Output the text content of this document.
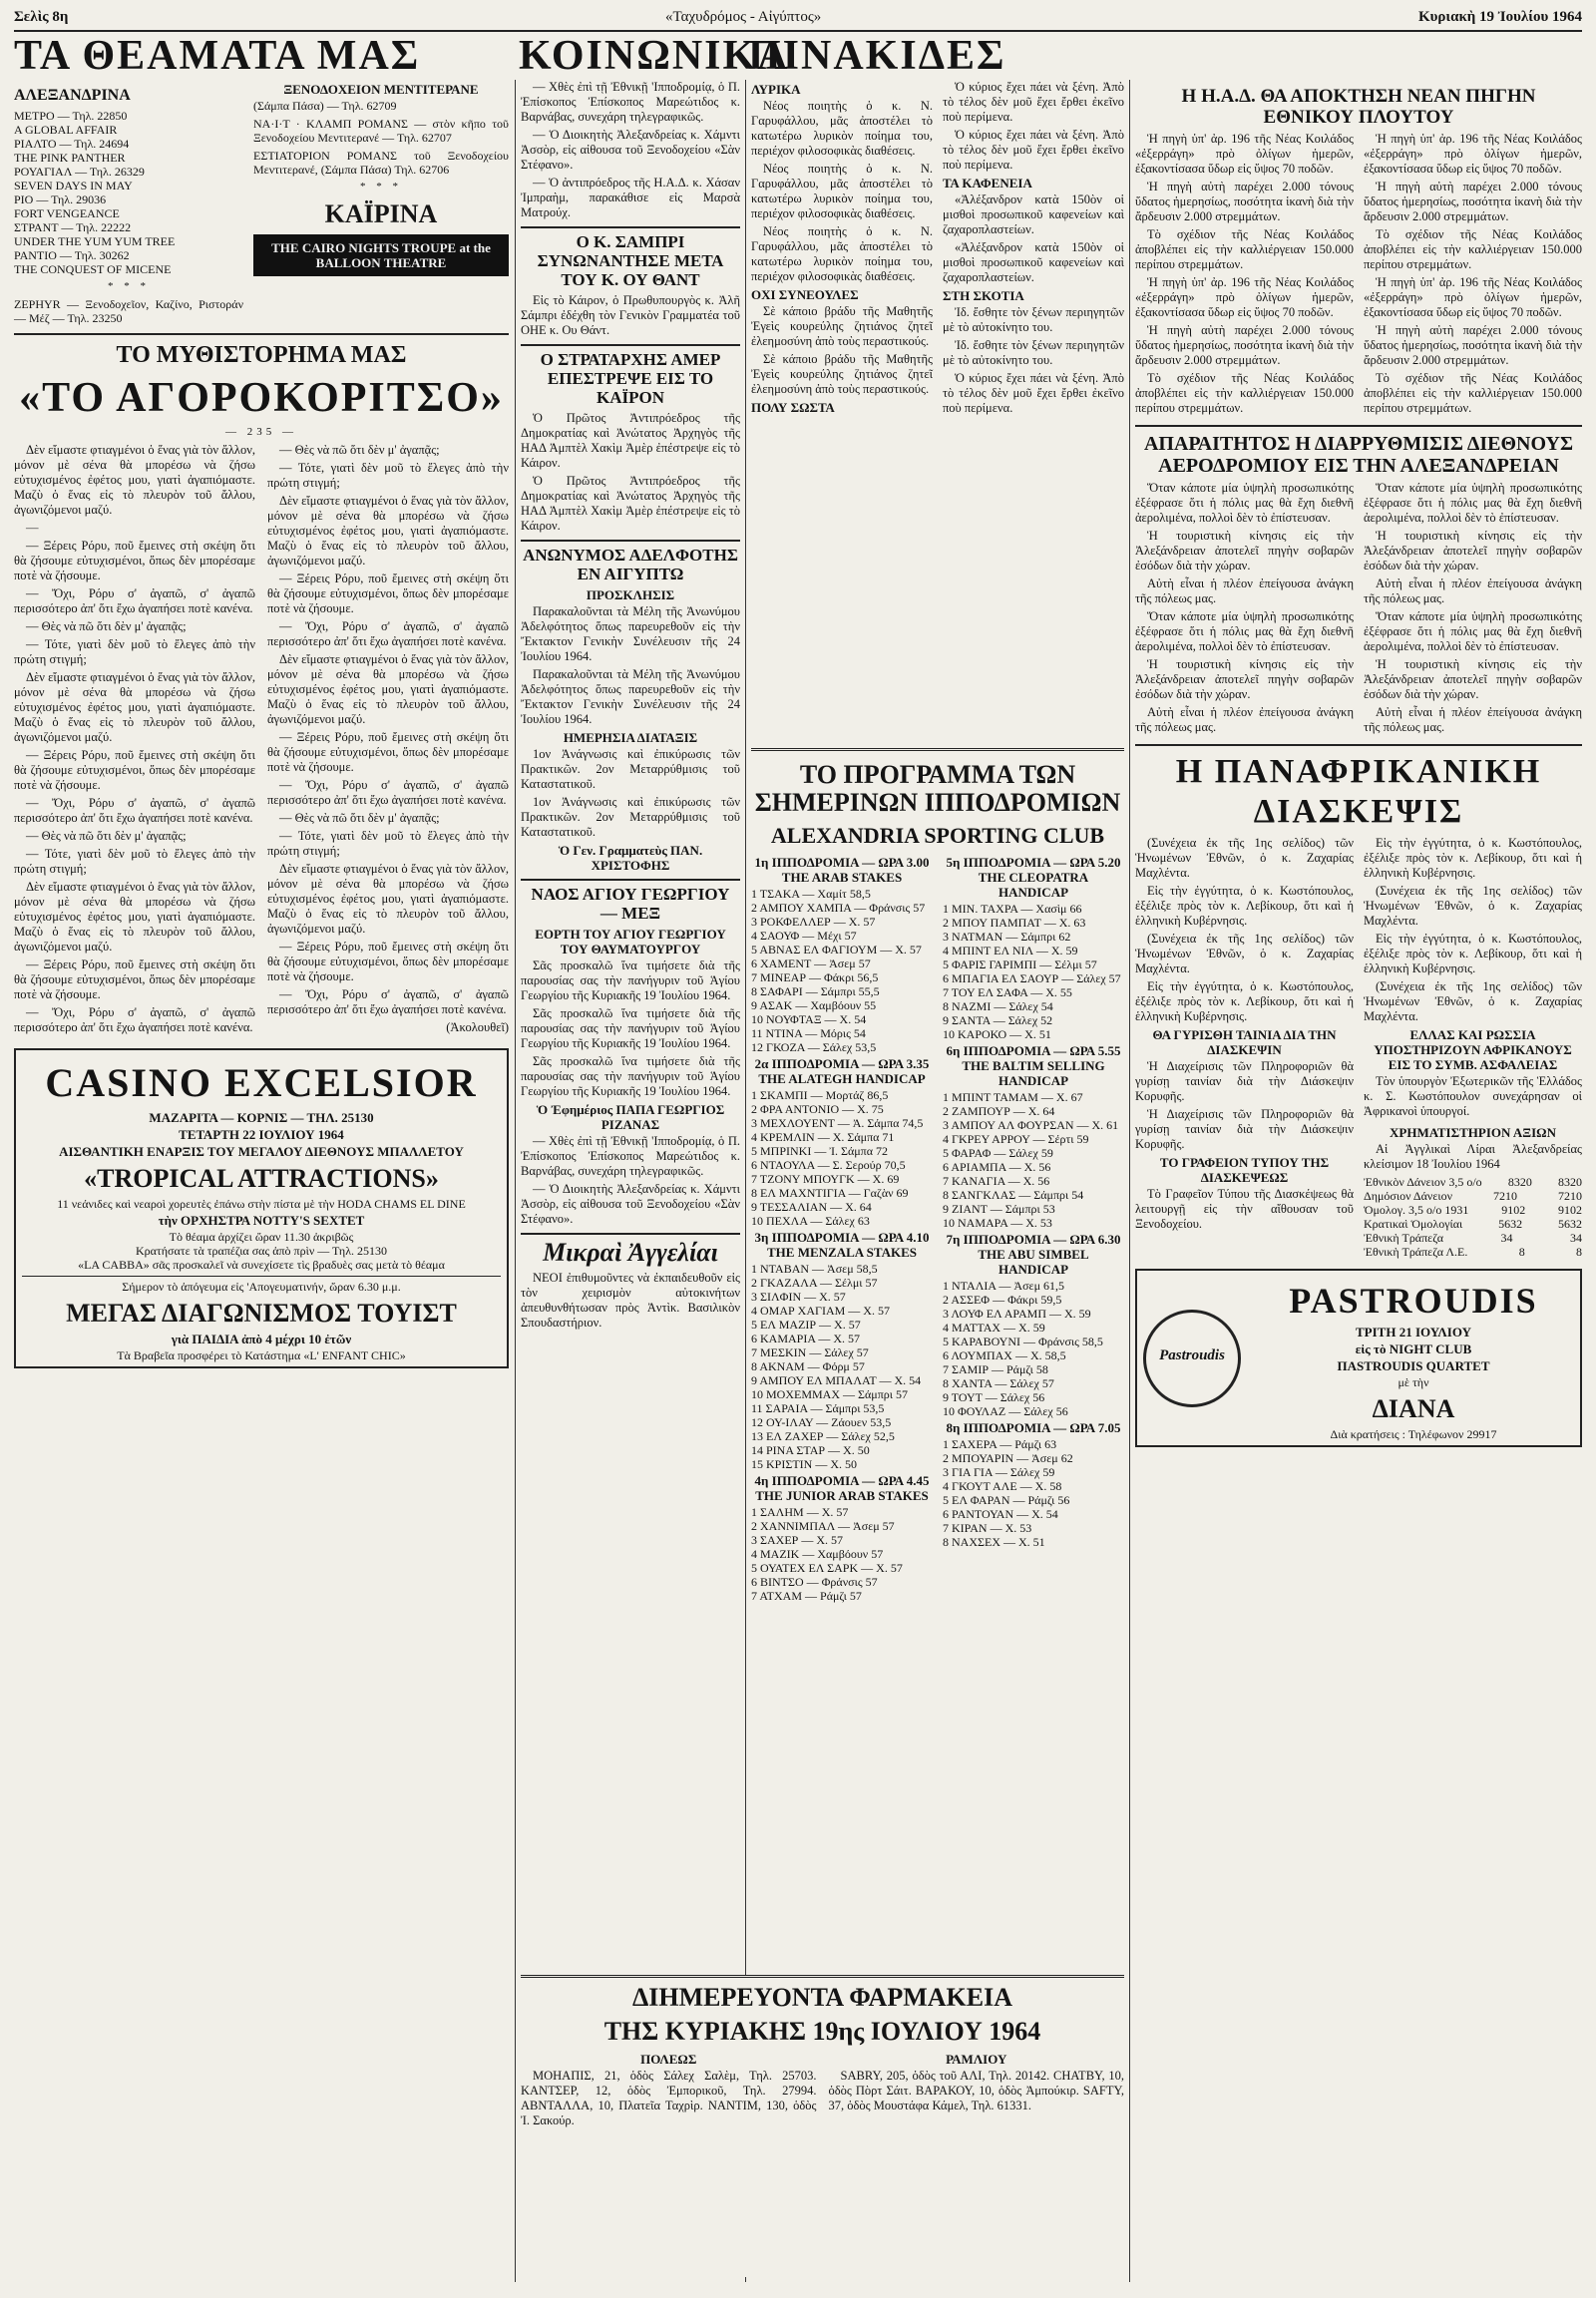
Σελὶς 8η	«Ταχυδρόμος - Αἰγύπτος»	Κυριακὴ 19 Ἰουλίου 1964
ΤΑ ΘΕΑΜΑΤΑ ΜΑΣ	ΚΟΙΝΩΝΙΚΑ
ΠΙΝΑΚΙΔΕΣ
ΑΛΕΞΑΝΔΡΙΝΑ
ΜΕΤΡΟ — Τηλ. 22850
A GLOBAL AFFAIR
ΡΙΑΛΤΟ — Τηλ. 24694
THE PINK PANTHER
ΡΟΥΑΓΙΑΛ — Τηλ. 26329
SEVEN DAYS IN MAY
ΡΙΟ — Τηλ. 29036
FORT VENGEANCE
ΣΤΡΑΝΤ — Τηλ. 22222
UNDER THE YUM YUM TREE
ΡΑΝΤΙΟ — Τηλ. 30262
THE CONQUEST OF MICENE
* * *
ZEPHYR — Ξενοδοχεῖον, Καζίνο, Ριστοράν — Μέζ — Τηλ. 23250
ΞΕΝΟΔΟΧΕΙΟΝ ΜΕΝΤΙΤΕΡΑΝΕ
(Σάμπα Πάσα) — Τηλ. 62709
ΝΑ·Ι·Τ · ΚΛΑΜΠ ΡΟΜΑΝΣ — στὸν κῆπο τοῦ Ξενοδοχείου Μεντιτερανέ — Τηλ. 62707
ΕΣΤΙΑΤΟΡΙΟΝ ΡΟΜΑΝΣ τοῦ Ξενοδοχείου Μεντιτερανέ, (Σάμπα Πάσα) Τηλ. 62706
* * *
ΚΑΪΡΙΝΑ
THE CAIRO NIGHTS TROUPE at the BALLOON THEATRE
ΤΟ ΜΥΘΙΣΤΟΡΗΜΑ ΜΑΣ
«ΤΟ ΑΓΟΡΟΚΟΡΙΤΣΟ»
— 235 —

Δὲν εἴμαστε φτιαγμένοι ὁ ἕνας γιὰ τὸν ἄλλον, μόνον μὲ σένα θὰ μπορέσω νὰ ζήσω εὐτυχισμένος ἐφέτος μου, γιατὶ ἀγαπιόμαστε. Μαζὺ ὁ ἕνας εἰς τὸ πλευρὸν τοῦ ἄλλου, ἀγωνιζόμενοι μαζύ.

—

— Ξέρεις Ρόρυ, ποῦ ἔμεινες στὴ σκέψη ὅτι θὰ ζήσουμε εὐτυχισμένοι, ὅπως δὲν μπορέσαμε ποτὲ νὰ ζήσουμε.

— Ὄχι, Ρόρυ σ' ἀγαπῶ, σ' ἀγαπῶ περισσότερο ἀπ' ὅτι ἔχω ἀγαπήσει ποτὲ κανένα.

— Θὲς νὰ πῶ ὅτι δὲν μ' ἀγαπᾷς;

— Τότε, γιατὶ δὲν μοῦ τὸ ἔλεγες ἀπὸ τὴν πρώτη στιγμή;

Δὲν εἴμαστε φτιαγμένοι ὁ ἕνας γιὰ τὸν ἄλλον, μόνον μὲ σένα θὰ μπορέσω νὰ ζήσω εὐτυχισμένος ἐφέτος μου, γιατὶ ἀγαπιόμαστε. Μαζὺ ὁ ἕνας εἰς τὸ πλευρὸν τοῦ ἄλλου, ἀγωνιζόμενοι μαζύ.

— Ξέρεις Ρόρυ, ποῦ ἔμεινες στὴ σκέψη ὅτι θὰ ζήσουμε εὐτυχισμένοι, ὅπως δὲν μπορέσαμε ποτὲ νὰ ζήσουμε.

— Ὄχι, Ρόρυ σ' ἀγαπῶ, σ' ἀγαπῶ περισσότερο ἀπ' ὅτι ἔχω ἀγαπήσει ποτὲ κανένα.

— Θὲς νὰ πῶ ὅτι δὲν μ' ἀγαπᾷς;

— Τότε, γιατὶ δὲν μοῦ τὸ ἔλεγες ἀπὸ τὴν πρώτη στιγμή;

Δὲν εἴμαστε φτιαγμένοι ὁ ἕνας γιὰ τὸν ἄλλον, μόνον μὲ σένα θὰ μπορέσω νὰ ζήσω εὐτυχισμένος ἐφέτος μου, γιατὶ ἀγαπιόμαστε. Μαζὺ ὁ ἕνας εἰς τὸ πλευρὸν τοῦ ἄλλου, ἀγωνιζόμενοι μαζύ.

— Ξέρεις Ρόρυ, ποῦ ἔμεινες στὴ σκέψη ὅτι θὰ ζήσουμε εὐτυχισμένοι, ὅπως δὲν μπορέσαμε ποτὲ νὰ ζήσουμε.

— Ὄχι, Ρόρυ σ' ἀγαπῶ, σ' ἀγαπῶ περισσότερο ἀπ' ὅτι ἔχω ἀγαπήσει ποτὲ κανένα.

— Θὲς νὰ πῶ ὅτι δὲν μ' ἀγαπᾷς;

— Τότε, γιατὶ δὲν μοῦ τὸ ἔλεγες ἀπὸ τὴν πρώτη στιγμή;

Δὲν εἴμαστε φτιαγμένοι ὁ ἕνας γιὰ τὸν ἄλλον, μόνον μὲ σένα θὰ μπορέσω νὰ ζήσω εὐτυχισμένος ἐφέτος μου, γιατὶ ἀγαπιόμαστε. Μαζὺ ὁ ἕνας εἰς τὸ πλευρὸν τοῦ ἄλλου, ἀγωνιζόμενοι μαζύ.

— Ξέρεις Ρόρυ, ποῦ ἔμεινες στὴ σκέψη ὅτι θὰ ζήσουμε εὐτυχισμένοι, ὅπως δὲν μπορέσαμε ποτὲ νὰ ζήσουμε.

— Ὄχι, Ρόρυ σ' ἀγαπῶ, σ' ἀγαπῶ περισσότερο ἀπ' ὅτι ἔχω ἀγαπήσει ποτὲ κανένα.

Δὲν εἴμαστε φτιαγμένοι ὁ ἕνας γιὰ τὸν ἄλλον, μόνον μὲ σένα θὰ μπορέσω νὰ ζήσω εὐτυχισμένος ἐφέτος μου, γιατὶ ἀγαπιόμαστε. Μαζὺ ὁ ἕνας εἰς τὸ πλευρὸν τοῦ ἄλλου, ἀγωνιζόμενοι μαζύ.

— Ξέρεις Ρόρυ, ποῦ ἔμεινες στὴ σκέψη ὅτι θὰ ζήσουμε εὐτυχισμένοι, ὅπως δὲν μπορέσαμε ποτὲ νὰ ζήσουμε.

— Ὄχι, Ρόρυ σ' ἀγαπῶ, σ' ἀγαπῶ περισσότερο ἀπ' ὅτι ἔχω ἀγαπήσει ποτὲ κανένα.

— Θὲς νὰ πῶ ὅτι δὲν μ' ἀγαπᾷς;

— Τότε, γιατὶ δὲν μοῦ τὸ ἔλεγες ἀπὸ τὴν πρώτη στιγμή;

Δὲν εἴμαστε φτιαγμένοι ὁ ἕνας γιὰ τὸν ἄλλον, μόνον μὲ σένα θὰ μπορέσω νὰ ζήσω εὐτυχισμένος ἐφέτος μου, γιατὶ ἀγαπιόμαστε. Μαζὺ ὁ ἕνας εἰς τὸ πλευρὸν τοῦ ἄλλου, ἀγωνιζόμενοι μαζύ.

— Ξέρεις Ρόρυ, ποῦ ἔμεινες στὴ σκέψη ὅτι θὰ ζήσουμε εὐτυχισμένοι, ὅπως δὲν μπορέσαμε ποτὲ νὰ ζήσουμε.

— Ὄχι, Ρόρυ σ' ἀγαπῶ, σ' ἀγαπῶ περισσότερο ἀπ' ὅτι ἔχω ἀγαπήσει ποτὲ κανένα.

(Ἀκολουθεῖ)

CASINO EXCELSIOR
ΜΑΖΑΡΙΤΑ — ΚΟΡΝΙΣ — ΤΗΛ. 25130
ΤΕΤΑΡΤΗ 22 ΙΟΥΛΙΟΥ 1964
ΑΙΣΘΑΝΤΙΚΗ ΕΝΑΡΞΙΣ ΤΟΥ ΜΕΓΑΛΟΥ ΔΙΕΘΝΟΥΣ ΜΠΑΛΛΕΤΟΥ
«TROPICAL ATTRACTIONS»
11 νεάνιδες καὶ νεαροὶ χορευτὲς ἐπάνω στὴν πίστα μὲ τὴν HODA CHAMS EL DINE
τὴν ΟΡΧΗΣΤΡΑ NOTTY'S SEXTET
Τὸ θέαμα ἀρχίζει ὥραν 11.30 ἀκριβῶς
Κρατήσατε τὰ τραπέζια σας ἀπὸ πρὶν — Τηλ. 25130
«LA CABBA» σᾶς προσκαλεῖ νὰ συνεχίσετε τὶς βραδυὲς σας μετὰ τὸ θέαμα
Σήμερον τὸ ἀπόγευμα εἰς 'Απογευματινήν, ὥραν 6.30 μ.μ.
ΜΕΓΑΣ ΔΙΑΓΩΝΙΣΜΟΣ ΤΟΥΙΣΤ
γιὰ ΠΑΙΔΙΑ ἀπὸ 4 μέχρι 10 ἐτῶν
Τὰ Βραβεῖα προσφέρει τὸ Κατάστημα «L' ENFANT CHIC»

— Χθὲς ἐπὶ τῇ Ἐθνικῇ 'Ιπποδρομίᾳ, ὁ Π. Ἐπίσκοπος Ἐπίσκοπος Μαρεώτιδος κ. Βαρνάβας, συνεχάρη τηλεγραφικῶς.

— Ὁ Διοικητὴς Ἀλεξανδρείας κ. Χάμντι Ἀσσὸρ, εἰς αἰθουσα τοῦ Ξενοδοχείου «Σὰν Στέφανο».

— Ὁ ἀντιπρόεδρος τῆς Η.Α.Δ. κ. Χάσαν Ἰμπραὴμ, παρακάθισε εἰς Μαρσὰ Ματρούχ.

Ο Κ. ΣΑΜΠΡΙ ΣΥΝΩΝΑΝΤΗΣΕ ΜΕΤΑ ΤΟΥ Κ. ΟΥ ΘΑΝΤ

Εἰς τὸ Κάιρον, ὁ Πρωθυπουργὸς κ. Ἀλῆ Σάμπρι ἐδέχθη τὸν Γενικὸν Γραμματέα τοῦ ΟΗΕ κ. Ου Θάντ.

Ο ΣΤΡΑΤΑΡΧΗΣ ΑΜΕΡ ΕΠΕΣΤΡΕΨΕ ΕΙΣ ΤΟ ΚΑΪΡΟΝ

Ὁ Πρῶτος Ἀντιπρόεδρος τῆς Δημοκρατίας καὶ Ἀνώτατος Ἀρχηγὸς τῆς ΗΑΔ Ἀμπτὲλ Χακὶμ Ἀμὲρ ἐπέστρεψε εἰς τὸ Κάιρον.

Ὁ Πρῶτος Ἀντιπρόεδρος τῆς Δημοκρατίας καὶ Ἀνώτατος Ἀρχηγὸς τῆς ΗΑΔ Ἀμπτὲλ Χακὶμ Ἀμὲρ ἐπέστρεψε εἰς τὸ Κάιρον.

ΑΝΩΝΥΜΟΣ ΑΔΕΛΦΟΤΗΣ ΕΝ ΑΙΓΥΠΤΩ
ΠΡΟΣΚΛΗΣΙΣ

Παρακαλοῦνται τὰ Μέλη τῆς Ἀνωνύμου Ἀδελφότητος ὅπως παρευρεθοῦν εἰς τὴν Ἔκτακτον Γενικὴν Συνέλευσιν τῆς 24 Ἰουλίου 1964.

Παρακαλοῦνται τὰ Μέλη τῆς Ἀνωνύμου Ἀδελφότητος ὅπως παρευρεθοῦν εἰς τὴν Ἔκτακτον Γενικὴν Συνέλευσιν τῆς 24 Ἰουλίου 1964.

ΗΜΕΡΗΣΙΑ ΔΙΑΤΑΞΙΣ

1ον Ἀνάγνωσις καὶ ἐπικύρωσις τῶν Πρακτικῶν. 2ον Μεταρρύθμισις τοῦ Καταστατικοῦ.

1ον Ἀνάγνωσις καὶ ἐπικύρωσις τῶν Πρακτικῶν. 2ον Μεταρρύθμισις τοῦ Καταστατικοῦ.

Ὁ Γεν. Γραμματεὺς ΠΑΝ. ΧΡΙΣΤΟΦΗΣ
ΝΑΟΣ ΑΓΙΟΥ ΓΕΩΡΓΙΟΥ — ΜΕΞ
ΕΟΡΤΗ ΤΟΥ ΑΓΙΟΥ ΓΕΩΡΓΙΟΥ ΤΟΥ ΘΑΥΜΑΤΟΥΡΓΟΥ

Σᾶς προσκαλῶ ἵνα τιμήσετε διὰ τῆς παρουσίας σας τὴν πανήγυριν τοῦ Ἁγίου Γεωργίου τῆς Κυριακῆς 19 Ἰουλίου 1964.

Σᾶς προσκαλῶ ἵνα τιμήσετε διὰ τῆς παρουσίας σας τὴν πανήγυριν τοῦ Ἁγίου Γεωργίου τῆς Κυριακῆς 19 Ἰουλίου 1964.

Σᾶς προσκαλῶ ἵνα τιμήσετε διὰ τῆς παρουσίας σας τὴν πανήγυριν τοῦ Ἁγίου Γεωργίου τῆς Κυριακῆς 19 Ἰουλίου 1964.

Ὁ Ἐφημέριος ΠΑΠΑ ΓΕΩΡΓΙΟΣ ΡΙΖΑΝΑΣ

— Χθὲς ἐπὶ τῇ Ἐθνικῇ 'Ιπποδρομίᾳ, ὁ Π. Ἐπίσκοπος Ἐπίσκοπος Μαρεώτιδος κ. Βαρνάβας, συνεχάρη τηλεγραφικῶς.

— Ὁ Διοικητὴς Ἀλεξανδρείας κ. Χάμντι Ἀσσὸρ, εἰς αἰθουσα τοῦ Ξενοδοχείου «Σὰν Στέφανο».

Μικραὶ Ἀγγελίαι

ΝΕΟΙ ἐπιθυμοῦντες νὰ ἐκπαιδευθοῦν εἰς τὸν χειρισμὸν αὐτοκινήτων ἀπευθυνθήτωσαν πρὸς Ἀντὶκ. Βασιλικὸν Σπουδαστήριον.

ΛΥΡΙΚΑ

Νέος ποιητὴς ὁ κ. Ν. Γαρυφάλλου, μᾶς ἀποστέλει τὸ κατωτέρω λυρικὸν ποίημα του, περιέχον φιλοσοφικὰς διαθέσεις.

Νέος ποιητὴς ὁ κ. Ν. Γαρυφάλλου, μᾶς ἀποστέλει τὸ κατωτέρω λυρικὸν ποίημα του, περιέχον φιλοσοφικὰς διαθέσεις.

Νέος ποιητὴς ὁ κ. Ν. Γαρυφάλλου, μᾶς ἀποστέλει τὸ κατωτέρω λυρικὸν ποίημα του, περιέχον φιλοσοφικὰς διαθέσεις.

ΟΧΙ ΣΥΝΕΟΥΛΕΣ

Σὲ κάποιο βράδυ τῆς Μαθητῆς Ἐγεὶς κουρεύλης ζητιάνος ζητεῖ ἐλεημοσύνη ἀπὸ τοὺς περαστικούς.

Σὲ κάποιο βράδυ τῆς Μαθητῆς Ἐγεὶς κουρεύλης ζητιάνος ζητεῖ ἐλεημοσύνη ἀπὸ τοὺς περαστικούς.

ΠΟΛΥ ΣΩΣΤΑ

Ὁ κύριος ἔχει πάει νὰ ξένη. Ἀπὸ τὸ τέλος δὲν μοῦ ἔχει ἔρθει ἐκεῖνο ποὺ περίμενα.

Ὁ κύριος ἔχει πάει νὰ ξένη. Ἀπὸ τὸ τέλος δὲν μοῦ ἔχει ἔρθει ἐκεῖνο ποὺ περίμενα.

ΤΑ ΚΑΦΕΝΕΙΑ

«Ἀλέξανδρον κατὰ 150ὸν οἱ μισθοὶ προσωπικοῦ καφενείων καὶ ζαχαροπλαστείων.

«Ἀλέξανδρον κατὰ 150ὸν οἱ μισθοὶ προσωπικοῦ καφενείων καὶ ζαχαροπλαστείων.

ΣΤΗ ΣΚΟΤΙΑ

Ἰδ. ἔσθητε τὸν ξένων περιηγητῶν μὲ τὸ αὐτοκίνητο του.

Ἰδ. ἔσθητε τὸν ξένων περιηγητῶν μὲ τὸ αὐτοκίνητο του.

Ὁ κύριος ἔχει πάει νὰ ξένη. Ἀπὸ τὸ τέλος δὲν μοῦ ἔχει ἔρθει ἐκεῖνο ποὺ περίμενα.

ΤΟ ΠΡΟΓΡΑΜΜΑ ΤΩΝ ΣΗΜΕΡΙΝΩΝ ΙΠΠΟΔΡΟΜΙΩΝ
ALEXANDRIA SPORTING CLUB
1η ΙΠΠΟΔΡΟΜΙΑ — ΩΡΑ 3.00 THE ARAB STAKES
1 ΤΣΑΚΑ — Χαμίτ 58,5
2 ΑΜΠΟΥ ΧΑΜΠΑ — Φράνσις 57
3 ΡΟΚΦΕΛΛΕΡ — Χ. 57
4 ΣΑΟΥΦ — Μέχι 57
5 ΑΒΝΑΣ ΕΛ ΦΑΓΙΟΥΜ — Χ. 57
6 ΧΑΜΕΝΤ — Ἀσεμ 57
7 ΜΙΝΕΑΡ — Φάκρι 56,5
8 ΣΑΦΑΡΙ — Σάμπρι 55,5
9 ΑΣΑΚ — Χαμβόουν 55
10 ΝΟΥΦΤΑΞ — Χ. 54
11 ΝΤΙΝΑ — Μόρις 54
12 ΓΚΟΖΑ — Σάλεχ 53,5
2α ΙΠΠΟΔΡΟΜΙΑ — ΩΡΑ 3.35 THE ALATEGH HANDICAP
1 ΣΚΑΜΠΙ — Μορτάζ 86,5
2 ΦΡΑ ΑΝΤΟΝΙΟ — Χ. 75
3 ΜΕΧΛΟΥΕΝΤ — Ἀ. Σάμπα 74,5
4 ΚΡΕΜΛΙΝ — Χ. Σάμπα 71
5 ΜΠΡΙΝΚΙ — Ἰ. Σάμπα 72
6 ΝΤΑΟΥΛΑ — Σ. Σερούρ 70,5
7 ΤΖΟΝΥ ΜΠΟΥΓΚ — Χ. 69
8 ΕΛ ΜΑΧΝΤΙΓΙΑ — Γαζὰν 69
9 ΤΕΣΣΑΛΙΑΝ — Χ. 64
10 ΠΕΧΛΑ — Σάλεχ 63
3η ΙΠΠΟΔΡΟΜΙΑ — ΩΡΑ 4.10 THE MENZALA STAKES
1 ΝΤΑΒΑΝ — Ἀσεμ 58,5
2 ΓΚΑΖΑΛΑ — Σέλμι 57
3 ΣΙΛΦΙΝ — Χ. 57
4 ΟΜΑΡ ΧΑΓΙΑΜ — Χ. 57
5 ΕΛ ΜΑΖΙΡ — Χ. 57
6 ΚΑΜΑΡΙΑ — Χ. 57
7 ΜΕΣΚΙΝ — Σάλεχ 57
8 ΑΚΝΑΜ — Φόρμ 57
9 ΑΜΠΟΥ ΕΛ ΜΠΑΛΑΤ — Χ. 54
10 ΜΟΧΕΜΜΑΧ — Σάμπρι 57
11 ΣΑΡΑΙΑ — Σάμπρι 53,5
12 ΟΥ-ΙΛΑΥ — Ζάουεν 53,5
13 ΕΛ ΖΑΧΕΡ — Σάλεχ 52,5
14 ΡΙΝΑ ΣΤΑΡ — Χ. 50
15 ΚΡΙΣΤΙΝ — Χ. 50
4η ΙΠΠΟΔΡΟΜΙΑ — ΩΡΑ 4.45 THE JUNIOR ARAB STAKES
1 ΣΑΛΗΜ — Χ. 57
2 ΧΑΝΝΙΜΠΑΛ — Ἀσεμ 57
3 ΣΑΧΕΡ — Χ. 57
4 ΜΑΖΙΚ — Χαμβόουν 57
5 ΟΥΑΤΕΧ ΕΛ ΣΑΡΚ — Χ. 57
6 ΒΙΝΤΣΟ — Φράνσις 57
7 ΑΤΧΑΜ — Ράμζι 57
5η ΙΠΠΟΔΡΟΜΙΑ — ΩΡΑ 5.20 THE CLEOPATRA HANDICAP
1 ΜΙΝ. ΤΑΧΡΑ — Χασὶμ 66
2 ΜΠΟΥ ΠΑΜΠΑΤ — Χ. 63
3 ΝΑΤΜΑΝ — Σάμπρι 62
4 ΜΠΙΝΤ ΕΛ ΝΙΛ — Χ. 59
5 ΦΑΡΙΣ ΓΑΡΙΜΠΙ — Σέλμι 57
6 ΜΠΑΓΙΑ ΕΛ ΣΑΟΥΡ — Σάλεχ 57
7 ΤΟΥ ΕΛ ΣΑΦΑ — Χ. 55
8 ΝΑΖΜΙ — Σάλεχ 54
9 ΣΑΝΤΑ — Σάλεχ 52
10 ΚΑΡΟΚΟ — Χ. 51
6η ΙΠΠΟΔΡΟΜΙΑ — ΩΡΑ 5.55 THE BALTIM SELLING HANDICAP
1 ΜΠΙΝΤ ΤΑΜΑΜ — Χ. 67
2 ΖΑΜΠΟΥΡ — Χ. 64
3 ΑΜΠΟΥ ΑΛ ΦΟΥΡΣΑΝ — Χ. 61
4 ΓΚΡΕΥ ΑΡΡΟΥ — Σέρτι 59
5 ΦΑΡΑΦ — Σάλεχ 59
6 ΑΡΙΑΜΠΑ — Χ. 56
7 ΚΑΝΑΓΙΑ — Χ. 56
8 ΣΑΝΓΚΛΑΣ — Σάμπρι 54
9 ΖΙΑΝΤ — Σάμπρι 53
10 ΝΑΜΑΡΑ — Χ. 53
7η ΙΠΠΟΔΡΟΜΙΑ — ΩΡΑ 6.30 THE ABU SIMBEL HANDICAP
1 ΝΤΑΛΙΑ — Ἀσεμ 61,5
2 ΑΣΣΕΦ — Φάκρι 59,5
3 ΛΟΥΦ ΕΛ ΑΡΑΜΠ — Χ. 59
4 ΜΑΤΤΑΧ — Χ. 59
5 ΚΑΡΑΒΟΥΝΙ — Φράνσις 58,5
6 ΛΟΥΜΠΑΧ — Χ. 58,5
7 ΣΑΜΙΡ — Ράμζι 58
8 ΧΑΝΤΑ — Σάλεχ 57
9 ΤΟΥΤ — Σάλεχ 56
10 ΦΟΥΛΑΖ — Σάλεχ 56
8η ΙΠΠΟΔΡΟΜΙΑ — ΩΡΑ 7.05
1 ΣΑΧΕΡΑ — Ράμζι 63
2 ΜΠΟΥΑΡΙΝ — Ἀσεμ 62
3 ΓΙΑ ΓΙΑ — Σάλεχ 59
4 ΓΚΟΥΤ ΑΛΕ — Χ. 58
5 ΕΛ ΦΑΡΑΝ — Ράμζι 56
6 ΡΑΝΤΟΥΑΝ — Χ. 54
7 ΚΙΡΑΝ — Χ. 53
8 ΝΑΧΣΕΧ — Χ. 51
ΔΙΗΜΕΡΕΥΟΝΤΑ ΦΑΡΜΑΚΕΙΑ
ΤΗΣ ΚΥΡΙΑΚΗΣ 19ης ΙΟΥΛΙΟΥ 1964
ΠΟΛΕΩΣ

ΜΟΗΑΠΙΣ, 21, ὁδὸς Σάλεχ Σαλὲμ, Τηλ. 25703. ΚΑΝΤΣΕΡ, 12, ὁδὸς Ἐμπορικοῦ, Τηλ. 27994. ΑΒΝΤΑΛΛΑ, 10, Πλατεῖα Ταχρὶρ. ΝΑΝΤΙΜ, 130, ὁδὸς Ἰ. Σακούρ.

ΡΑΜΛΙΟΥ

SABRY, 205, ὁδὸς τοῦ ΑΛΙ, Τηλ. 20142. CHATBY, 10, ὁδὸς Πὸρτ Σάιτ. ΒΑΡΑΚΟΥ, 10, ὁδὸς Ἀμπούκιρ. SAFTY, 37, ὁδὸς Μουστάφα Κάμελ, Τηλ. 61331.

Η Η.Α.Δ. ΘΑ ΑΠΟΚΤΗΣΗ ΝΕΑΝ ΠΗΓΗΝ ΕΘΝΙΚΟΥ ΠΛΟΥΤΟΥ

Ἡ πηγὴ ὑπ' ἀρ. 196 τῆς Νέας Κοιλάδος «ἐξερράγη» πρὸ ὀλίγων ἡμερῶν, ἐξακοντίσασα ὕδωρ εἰς ὕψος 70 ποδῶν.

Ἡ πηγὴ αὐτὴ παρέχει 2.000 τόνους ὕδατος ἡμερησίως, ποσότητα ἱκανὴ διὰ τὴν ἄρδευσιν 2.000 στρεμμάτων.

Τὸ σχέδιον τῆς Νέας Κοιλάδος ἀποβλέπει εἰς τὴν καλλιέργειαν 150.000 περίπου στρεμμάτων.

Ἡ πηγὴ ὑπ' ἀρ. 196 τῆς Νέας Κοιλάδος «ἐξερράγη» πρὸ ὀλίγων ἡμερῶν, ἐξακοντίσασα ὕδωρ εἰς ὕψος 70 ποδῶν.

Ἡ πηγὴ αὐτὴ παρέχει 2.000 τόνους ὕδατος ἡμερησίως, ποσότητα ἱκανὴ διὰ τὴν ἄρδευσιν 2.000 στρεμμάτων.

Τὸ σχέδιον τῆς Νέας Κοιλάδος ἀποβλέπει εἰς τὴν καλλιέργειαν 150.000 περίπου στρεμμάτων.

Ἡ πηγὴ ὑπ' ἀρ. 196 τῆς Νέας Κοιλάδος «ἐξερράγη» πρὸ ὀλίγων ἡμερῶν, ἐξακοντίσασα ὕδωρ εἰς ὕψος 70 ποδῶν.

Ἡ πηγὴ αὐτὴ παρέχει 2.000 τόνους ὕδατος ἡμερησίως, ποσότητα ἱκανὴ διὰ τὴν ἄρδευσιν 2.000 στρεμμάτων.

Τὸ σχέδιον τῆς Νέας Κοιλάδος ἀποβλέπει εἰς τὴν καλλιέργειαν 150.000 περίπου στρεμμάτων.

Ἡ πηγὴ ὑπ' ἀρ. 196 τῆς Νέας Κοιλάδος «ἐξερράγη» πρὸ ὀλίγων ἡμερῶν, ἐξακοντίσασα ὕδωρ εἰς ὕψος 70 ποδῶν.

Ἡ πηγὴ αὐτὴ παρέχει 2.000 τόνους ὕδατος ἡμερησίως, ποσότητα ἱκανὴ διὰ τὴν ἄρδευσιν 2.000 στρεμμάτων.

Τὸ σχέδιον τῆς Νέας Κοιλάδος ἀποβλέπει εἰς τὴν καλλιέργειαν 150.000 περίπου στρεμμάτων.

ΑΠΑΡΑΙΤΗΤΟΣ Η ΔΙΑΡΡΥΘΜΙΣΙΣ ΔΙΕΘΝΟΥΣ ΑΕΡΟΔΡΟΜΙΟΥ ΕΙΣ ΤΗΝ ΑΛΕΞΑΝΔΡΕΙΑΝ

Ὅταν κάποτε μία ὑψηλὴ προσωπικότης ἐξέφρασε ὅτι ἡ πόλις μας θὰ ἔχη διεθνῆ ἀερολιμένα, πολλοὶ δὲν τὸ ἐπίστευσαν.

Ἡ τουριστικὴ κίνησις εἰς τὴν Ἀλεξάνδρειαν ἀποτελεῖ πηγὴν σοβαρῶν ἐσόδων διὰ τὴν χώραν.

Αὐτὴ εἶναι ἡ πλέον ἐπείγουσα ἀνάγκη τῆς πόλεως μας.

Ὅταν κάποτε μία ὑψηλὴ προσωπικότης ἐξέφρασε ὅτι ἡ πόλις μας θὰ ἔχη διεθνῆ ἀερολιμένα, πολλοὶ δὲν τὸ ἐπίστευσαν.

Ἡ τουριστικὴ κίνησις εἰς τὴν Ἀλεξάνδρειαν ἀποτελεῖ πηγὴν σοβαρῶν ἐσόδων διὰ τὴν χώραν.

Αὐτὴ εἶναι ἡ πλέον ἐπείγουσα ἀνάγκη τῆς πόλεως μας.

Ὅταν κάποτε μία ὑψηλὴ προσωπικότης ἐξέφρασε ὅτι ἡ πόλις μας θὰ ἔχη διεθνῆ ἀερολιμένα, πολλοὶ δὲν τὸ ἐπίστευσαν.

Ἡ τουριστικὴ κίνησις εἰς τὴν Ἀλεξάνδρειαν ἀποτελεῖ πηγὴν σοβαρῶν ἐσόδων διὰ τὴν χώραν.

Αὐτὴ εἶναι ἡ πλέον ἐπείγουσα ἀνάγκη τῆς πόλεως μας.

Ὅταν κάποτε μία ὑψηλὴ προσωπικότης ἐξέφρασε ὅτι ἡ πόλις μας θὰ ἔχη διεθνῆ ἀερολιμένα, πολλοὶ δὲν τὸ ἐπίστευσαν.

Ἡ τουριστικὴ κίνησις εἰς τὴν Ἀλεξάνδρειαν ἀποτελεῖ πηγὴν σοβαρῶν ἐσόδων διὰ τὴν χώραν.

Αὐτὴ εἶναι ἡ πλέον ἐπείγουσα ἀνάγκη τῆς πόλεως μας.

Η ΠΑΝΑΦΡΙΚΑΝΙΚΗ ΔΙΑΣΚΕΨΙΣ

(Συνέχεια ἐκ τῆς 1ης σελίδος) τῶν Ἡνωμένων Ἐθνῶν, ὁ κ. Ζαχαρίας Μαχλέντα.

Εἰς τὴν ἐγγύτητα, ὁ κ. Κωστόπουλος, ἐξέλιξε πρὸς τὸν κ. Λεβίκουρ, ὅτι καὶ ἡ ἑλληνικὴ Κυβέρνησις.

(Συνέχεια ἐκ τῆς 1ης σελίδος) τῶν Ἡνωμένων Ἐθνῶν, ὁ κ. Ζαχαρίας Μαχλέντα.

Εἰς τὴν ἐγγύτητα, ὁ κ. Κωστόπουλος, ἐξέλιξε πρὸς τὸν κ. Λεβίκουρ, ὅτι καὶ ἡ ἑλληνικὴ Κυβέρνησις.

ΘΑ ΓΥΡΙΣΘΗ ΤΑΙΝΙΑ ΔΙΑ ΤΗΝ ΔΙΑΣΚΕΨΙΝ

Ἡ Διαχείρισις τῶν Πληροφοριῶν θὰ γυρίσῃ ταινίαν διὰ τὴν Διάσκεψιν Κορυφῆς.

Ἡ Διαχείρισις τῶν Πληροφοριῶν θὰ γυρίσῃ ταινίαν διὰ τὴν Διάσκεψιν Κορυφῆς.

ΤΟ ΓΡΑΦΕΙΟΝ ΤΥΠΟΥ ΤΗΣ ΔΙΑΣΚΕΨΕΩΣ

Τὸ Γραφεῖον Τύπου τῆς Διασκέψεως θὰ λειτουργῇ εἰς τὴν αἴθουσαν τοῦ Ξενοδοχείου.

Εἰς τὴν ἐγγύτητα, ὁ κ. Κωστόπουλος, ἐξέλιξε πρὸς τὸν κ. Λεβίκουρ, ὅτι καὶ ἡ ἑλληνικὴ Κυβέρνησις.

(Συνέχεια ἐκ τῆς 1ης σελίδος) τῶν Ἡνωμένων Ἐθνῶν, ὁ κ. Ζαχαρίας Μαχλέντα.

Εἰς τὴν ἐγγύτητα, ὁ κ. Κωστόπουλος, ἐξέλιξε πρὸς τὸν κ. Λεβίκουρ, ὅτι καὶ ἡ ἑλληνικὴ Κυβέρνησις.

(Συνέχεια ἐκ τῆς 1ης σελίδος) τῶν Ἡνωμένων Ἐθνῶν, ὁ κ. Ζαχαρίας Μαχλέντα.

ΕΛΛΑΣ ΚΑΙ ΡΩΣΣΙΑ ΥΠΟΣΤΗΡΙΖΟΥΝ ΑΦΡΙΚΑΝΟΥΣ ΕΙΣ ΤΟ ΣΥΜΒ. ΑΣΦΑΛΕΙΑΣ

Τὸν ὑπουργὸν Ἐξωτερικῶν τῆς Ἑλλάδος κ. Σ. Κωστόπουλον συνεχάρησαν οἱ Ἀφρικανοὶ ὑπουργοί.

ΧΡΗΜΑΤΙΣΤΗΡΙΟΝ ΑΞΙΩΝ

Αἱ Ἀγγλικαὶ Λίραι Ἀλεξανδρείας κλείσιμον 18 Ἰουλίου 1964

Ἐθνικὸν Δάνειον 3,5 ο/ο 8320 8320
Δημόσιον Δάνειον	7210	7210
Ὁμολογ. 3,5 ο/ο 1931	9102	9102
Κρατικαὶ Ὁμολογίαι	5632	5632
Ἐθνικὴ Τράπεζα	34	34
Ἐθνικὴ Τράπεζα Λ.Ε.	8	8
Pastroudis
PASTROUDIS
ΤΡΙΤΗ 21 ΙΟΥΛΙΟΥ
εἰς τὸ NIGHT CLUB
ΠΑSTROUDIS QUARTET
μὲ τὴν
ΔΙΑΝΑ
Διὰ κρατήσεις : Τηλέφωνον 29917
